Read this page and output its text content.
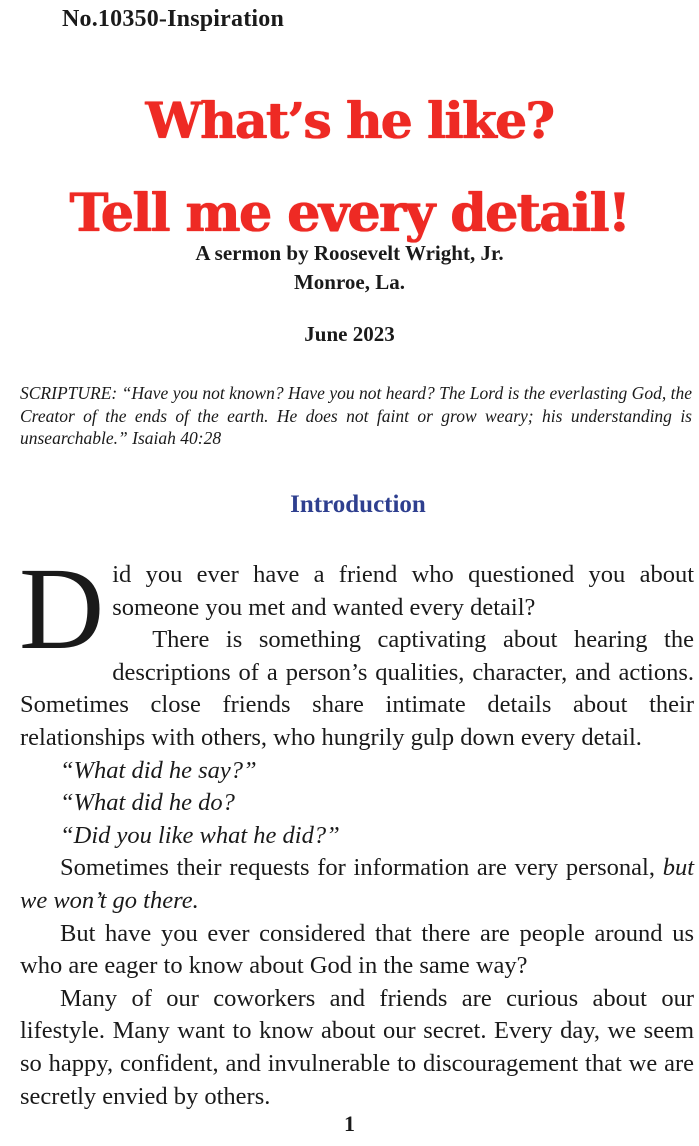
No.10350-Inspiration
What’s he like?
Tell me every detail!
A sermon by Roosevelt Wright, Jr.
Monroe, La.
June 2023
SCRIPTURE: “Have you not known? Have you not heard? The Lord is the everlasting God, the Creator of the ends of the earth. He does not faint or grow weary; his understanding is unsearchable.” Isaiah 40:28
Introduction
D id you ever have a friend who questioned you about someone you met and wanted every detail?

There is something captivating about hearing the descriptions of a person’s qualities, character, and actions. Sometimes close friends share intimate details about their relationships with others, who hungrily gulp down every detail.

“What did he say?”

“What did he do?

“Did you like what he did?”

Sometimes their requests for information are very personal, but we won’t go there.

But have you ever considered that there are people around us who are eager to know about God in the same way?

Many of our coworkers and friends are curious about our lifestyle. Many want to know about our secret. Every day, we seem so happy, confident, and invulnerable to discouragement that we are secretly envied by others.

1
